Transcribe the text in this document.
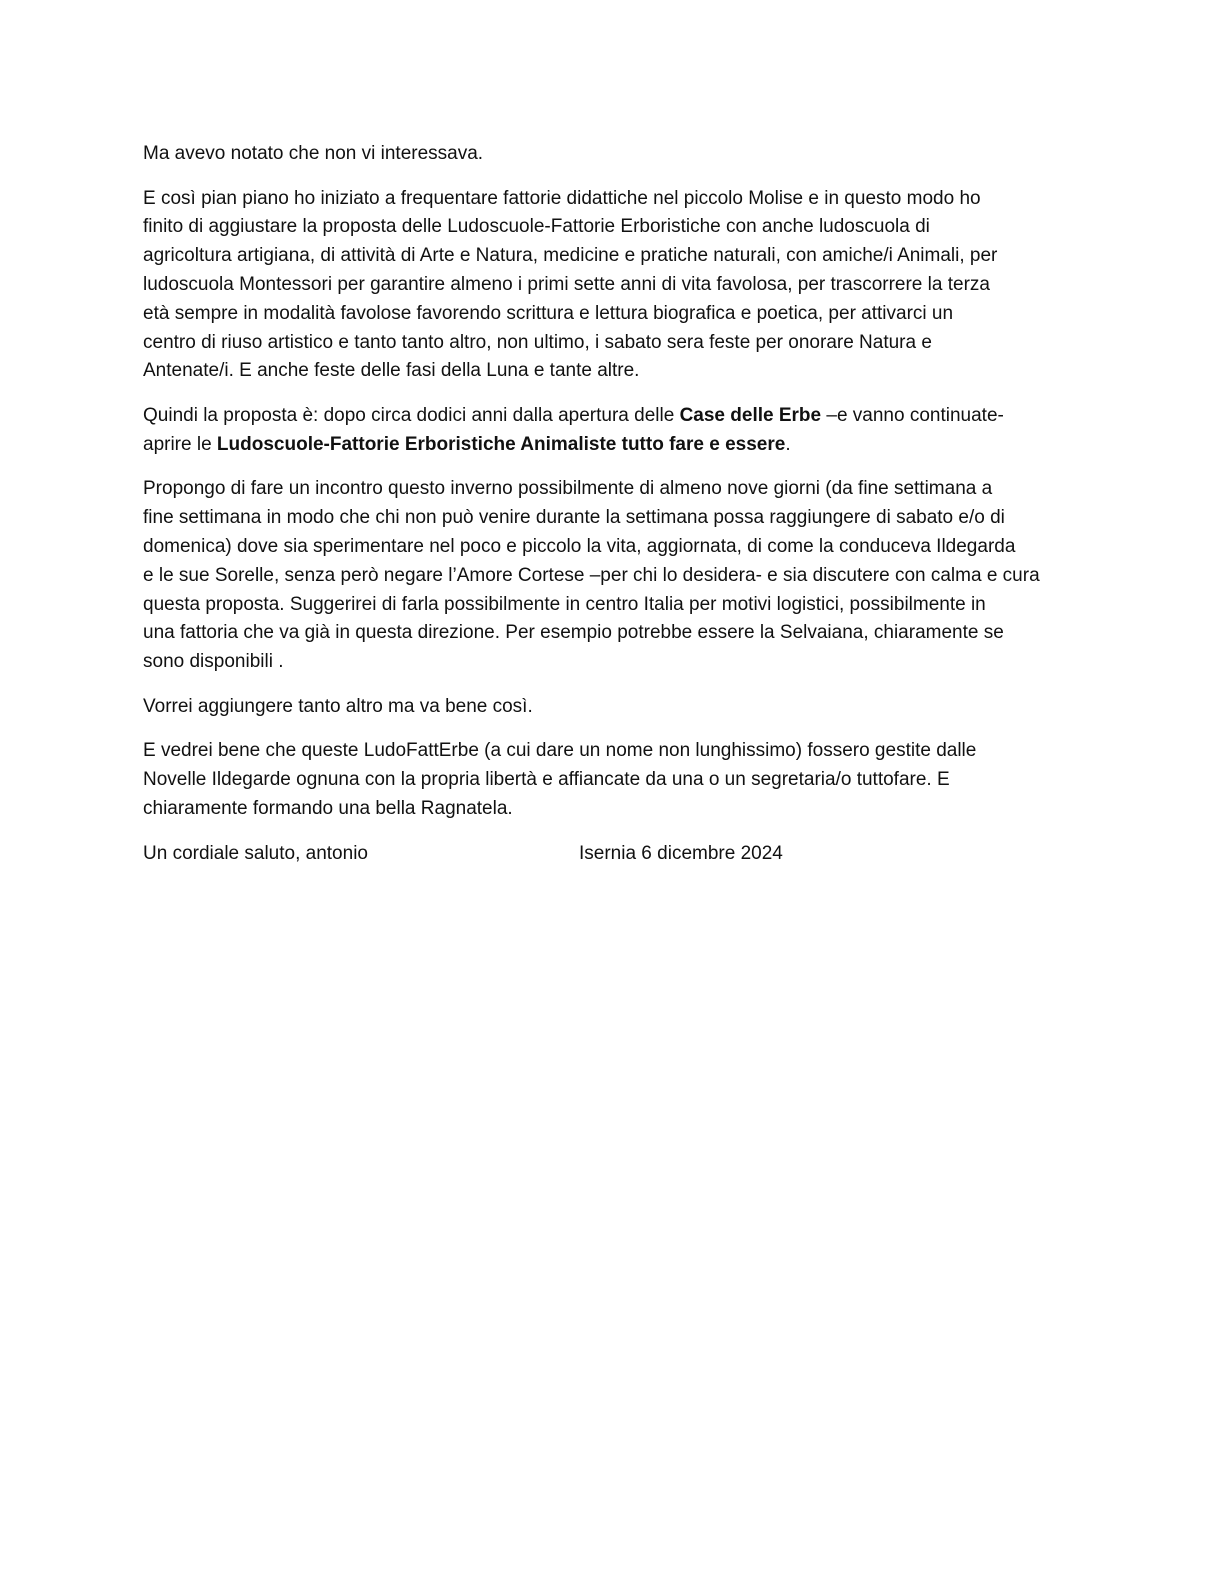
Ma avevo notato che non vi interessava.

E così pian piano ho iniziato a frequentare fattorie didattiche nel piccolo Molise e in questo modo ho
finito di aggiustare la proposta delle Ludoscuole-Fattorie Erboristiche con anche ludoscuola di
agricoltura artigiana, di attività di Arte e Natura, medicine e pratiche naturali, con amiche/i Animali, per
ludoscuola Montessori per garantire almeno i primi sette anni di vita favolosa, per trascorrere la terza
età sempre in modalità favolose favorendo scrittura e lettura biografica e poetica, per attivarci un
centro di riuso artistico e tanto tanto altro, non ultimo, i sabato sera feste per onorare Natura e
Antenate/i. E anche feste delle fasi della Luna e tante altre.

Quindi la proposta è: dopo circa dodici anni dalla apertura delle Case delle Erbe –e vanno continuate-
aprire le Ludoscuole-Fattorie Erboristiche Animaliste tutto fare e essere.

Propongo di fare un incontro questo inverno possibilmente di almeno nove giorni (da fine settimana a
fine settimana in modo che chi non può venire durante la settimana possa raggiungere di sabato e/o di
domenica) dove sia sperimentare nel poco e piccolo la vita, aggiornata, di come la conduceva Ildegarda
e le sue Sorelle, senza però negare l’Amore Cortese –per chi lo desidera- e sia discutere con calma e cura
questa proposta. Suggerirei di farla possibilmente in centro Italia per motivi logistici, possibilmente in
una fattoria che va già in questa direzione. Per esempio potrebbe essere la Selvaiana, chiaramente se
sono disponibili .

Vorrei aggiungere tanto altro ma va bene così.

E vedrei bene che queste LudoFattErbe (a cui dare un nome non lunghissimo) fossero gestite dalle
Novelle Ildegarde ognuna con la propria libertà e affiancate da una o un segretaria/o tuttofare. E
chiaramente formando una bella Ragnatela.

Un cordiale saluto, antonio	Isernia 6 dicembre 2024
